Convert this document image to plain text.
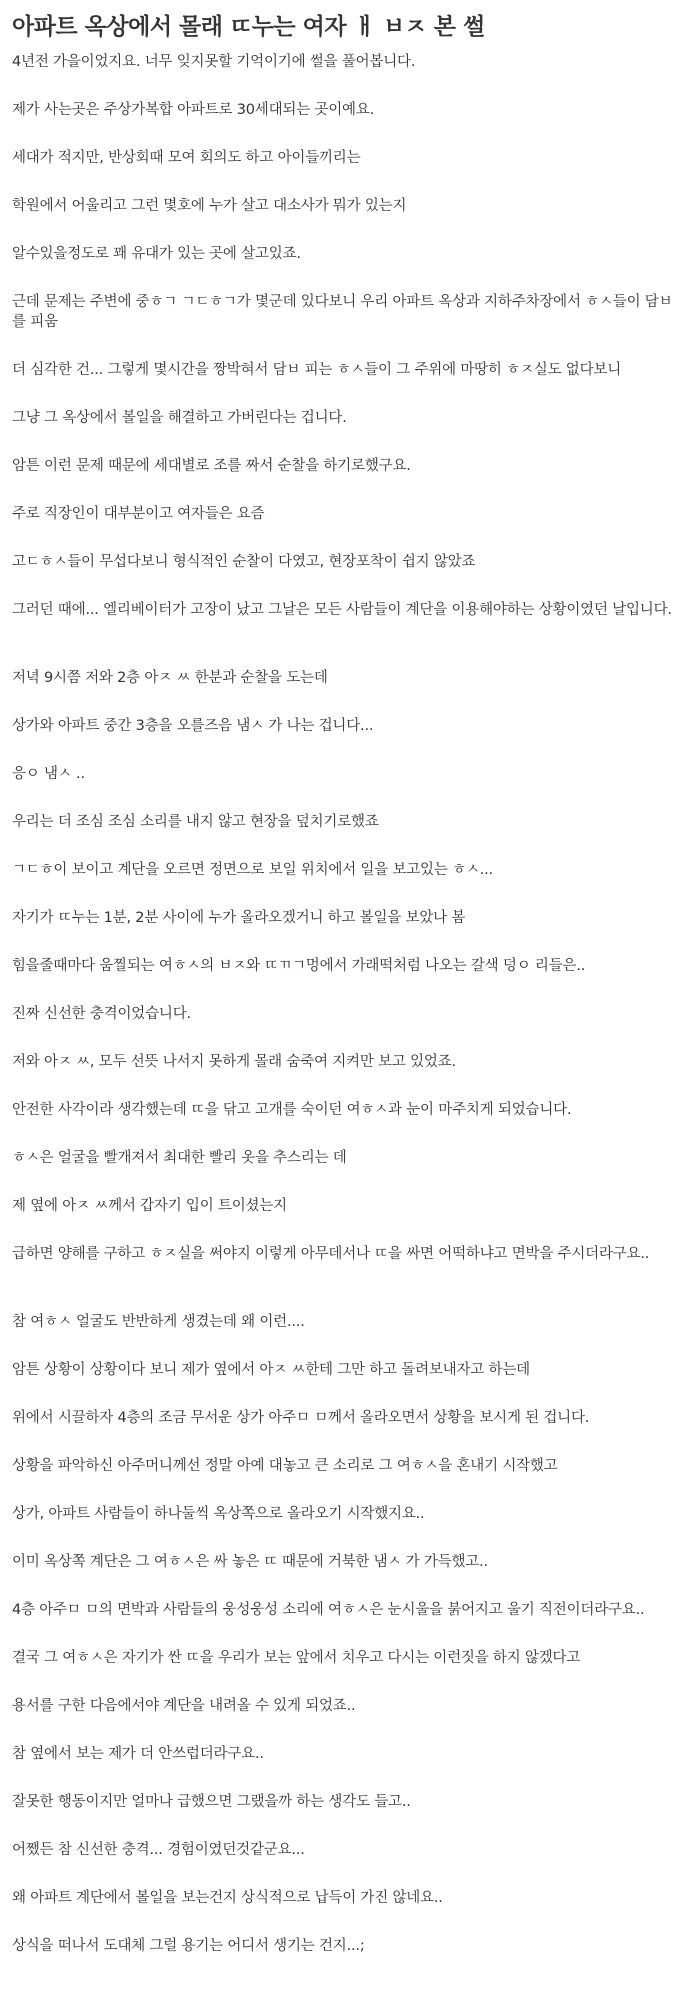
아파트 옥상에서 몰래 ㄸ누는 여자 ㅐ ㅂㅈ 본 썰

4년전 가을이었지요. 너무 잊지못할 기억이기에 썰을 풀어봅니다.

제가 사는곳은 주상가복합 아파트로 30세대되는 곳이예요.

세대가 적지만, 반상회때 모여 회의도 하고 아이들끼리는

학원에서 어울리고 그런 몇호에 누가 살고 대소사가 뭐가 있는지

알수있을정도로 꽤 유대가 있는 곳에 살고있죠.

근데 문제는 주변에 중ㅎㄱ ㄱㄷㅎㄱ가 몇군데 있다보니 우리 아파트 옥상과 지하주차장에서 ㅎㅅ들이 담ㅂ 를 피움

더 심각한 건... 그렇게 몇시간을 짱박혀서 담ㅂ 피는 ㅎㅅ들이 그 주위에 마땅히 ㅎㅈ실도 없다보니

그냥 그 옥상에서 볼일을 해결하고 가버린다는 겁니다.

암튼 이런 문제 때문에 세대별로 조를 짜서 순찰을 하기로했구요.

주로 직장인이 대부분이고 여자들은 요즘

고ㄷㅎㅅ들이 무섭다보니 형식적인 순찰이 다였고, 현장포착이 쉽지 않았죠

그러던 때에... 엘리베이터가 고장이 났고 그날은 모든 사람들이 계단을 이용해야하는 상황이였던 날입니다.

저녁 9시쯤 저와 2층 아ㅈ ㅆ 한분과 순찰을 도는데

상가와 아파트 중간 3층을 오를즈음 냄ㅅ 가 나는 겁니다...

응ㅇ 냄ㅅ ..

우리는 더 조심 조심 소리를 내지 않고 현장을 덮치기로했죠

ㄱㄷㅎ이 보이고 계단을 오르면 정면으로 보일 위치에서 일을 보고있는 ㅎㅅ...

자기가 ㄸ누는 1분, 2분 사이에 누가 올라오겠거니 하고 볼일을 보았나 봄

힘을줄때마다 움찔되는 여ㅎㅅ의 ㅂㅈ와 ㄸㄲㄱ멍에서 가래떡처럼 나오는 갈색 덩ㅇ 리들은..

진짜 신선한 충격이었습니다.

저와 아ㅈ ㅆ, 모두 선뜻 나서지 못하게 몰래 숨죽여 지켜만 보고 있었죠.

안전한 사각이라 생각했는데 ㄸ을 닦고 고개를 숙이던 여ㅎㅅ과 눈이 마주치게 되었습니다.

ㅎㅅ은 얼굴을 빨개져서 최대한 빨리 옷을 추스리는 데

제 옆에 아ㅈ ㅆ께서 갑자기 입이 트이셨는지

급하면 양해를 구하고 ㅎㅈ실을 써야지 이렇게 아무데서나 ㄸ을 싸면 어떡하냐고 면박을 주시더라구요..

참 여ㅎㅅ 얼굴도 반반하게 생겼는데 왜 이런....

암튼 상황이 상황이다 보니 제가 옆에서 아ㅈ ㅆ한테 그만 하고 돌려보내자고 하는데

위에서 시끌하자 4층의 조금 무서운 상가 아주ㅁ ㅁ께서 올라오면서 상황을 보시게 된 겁니다.

상황을 파악하신 아주머니께선 정말 아예 대놓고 큰 소리로 그 여ㅎㅅ을 혼내기 시작했고

상가, 아파트 사람들이 하나둘씩 옥상쪽으로 올라오기 시작했지요..

이미 옥상쪽 계단은 그 여ㅎㅅ은 싸 놓은 ㄸ 때문에 거북한 냄ㅅ 가 가득했고..

4층 아주ㅁ ㅁ의 면박과 사람들의 웅성웅성 소리에 여ㅎㅅ은 눈시울을 붉어지고 울기 직전이더라구요..

결국 그 여ㅎㅅ은 자기가 싼 ㄸ을 우리가 보는 앞에서 치우고 다시는 이런짓을 하지 않겠다고

용서를 구한 다음에서야 계단을 내려올 수 있게 되었죠..

참 옆에서 보는 제가 더 안쓰럽더라구요..

잘못한 행동이지만 얼마나 급했으면 그랬을까 하는 생각도 들고..

어쨌든 참 신선한 충격... 경험이였던것같군요...

왜 아파트 계단에서 볼일을 보는건지 상식적으로 납득이 가진 않네요..

상식을 떠나서 도대체 그럴 용기는 어디서 생기는 건지...;
